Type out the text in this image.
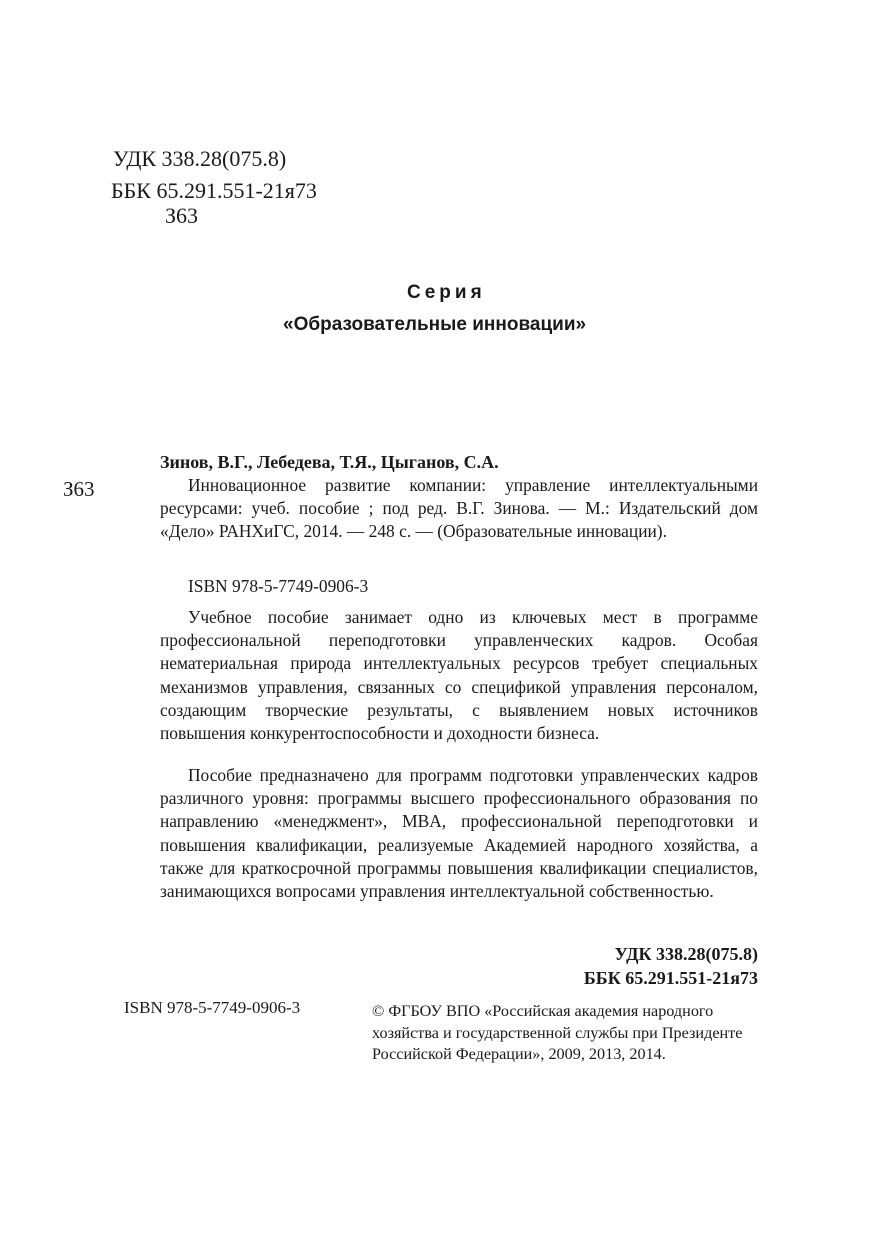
УДК 338.28(075.8)
ББК 65.291.551-21я73
З63
Серия
«Образовательные инновации»
Зинов, В.Г., Лебедева, Т.Я., Цыганов, С.А.
З63	Инновационное развитие компании: управление интеллектуальными ресурсами: учеб. пособие ; под ред. В.Г. Зинова. — М.: Издательский дом «Дело» РАНХиГС, 2014. — 248 с. — (Образовательные инновации).

ISBN 978-5-7749-0906-3

Учебное пособие занимает одно из ключевых мест в программе профессиональной переподготовки управленческих кадров. Особая нематериальная природа интеллектуальных ресурсов требует специальных механизмов управления, связанных со спецификой управления персоналом, создающим творческие результаты, с выявлением новых источников повышения конкурентоспособности и доходности бизнеса.

Пособие предназначено для программ подготовки управленческих кадров различного уровня: программы высшего профессионального образования по направлению «менеджмент», MBA, профессиональной переподготовки и повышения квалификации, реализуемые Академией народного хозяйства, а также для краткосрочной программы повышения квалификации специалистов, занимающихся вопросами управления интеллектуальной собственностью.

УДК 338.28(075.8)
ББК 65.291.551-21я73
ISBN 978-5-7749-0906-3	© ФГБОУ ВПО «Российская академия народного хозяйства и государственной службы при Президенте Российской Федерации», 2009, 2013, 2014.
